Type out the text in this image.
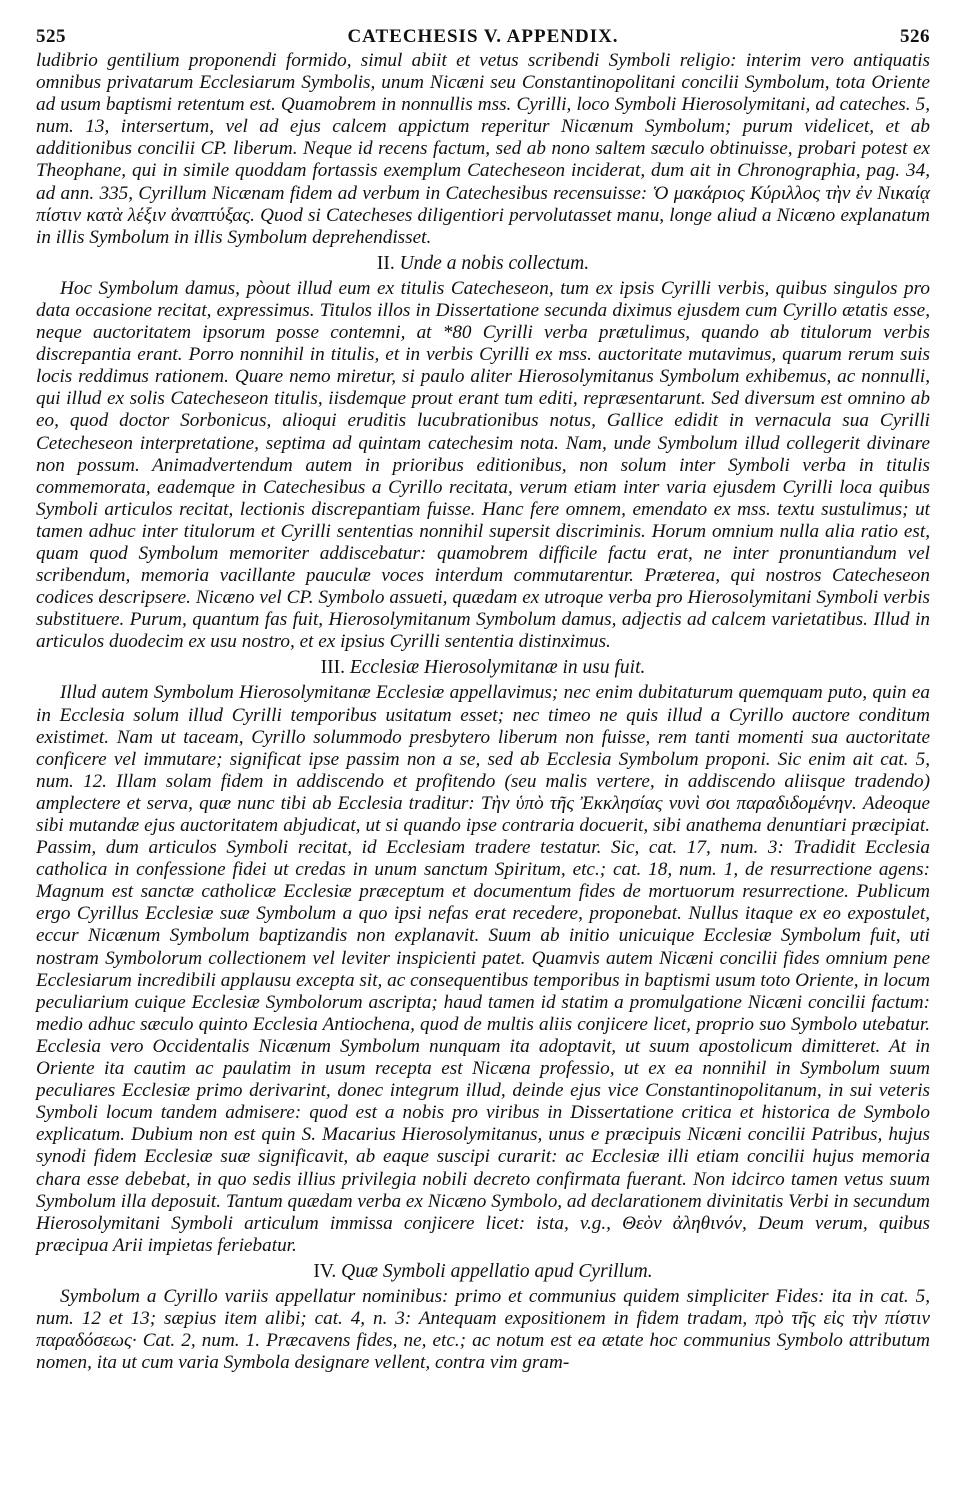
525	CATECHESIS V. APPENDIX.	526

ludibrio gentilium proponendi formido, simul abiit et vetus scribendi Symboli religio: interim vero antiquatis omnibus privatarum Ecclesiarum Symbolis, unum Nicæni seu Constantinopolitani concilii Symbolum, tota Oriente ad usum baptismi retentum est. Quamobrem in nonnullis mss. Cyrilli, loco Symboli Hierosolymitani, ad cateches. 5, num. 13, intersertum, vel ad ejus calcem appictum reperitur Nicænum Symbolum; purum videlicet, et ab additionibus concilii CP. liberum. Neque id recens factum, sed ab nono saltem sæculo obtinuisse, probari potest ex Theophane, qui in simile quoddam fortassis exemplum Catecheseon inciderat, dum ait in Chronographia, pag. 34, ad ann. 335, Cyrillum Nicænam fidem ad verbum in Catechesibus recensuisse: Ὁ μακάριος Κύριλλος τὴν ἐν Νικαίᾳ πίστιν κατὰ λέξιν ἀναπτύξας. Quod si Catecheses diligentiori pervolutasset manu, longe aliud a Nicæno explanatum in illis Symbolum in illis Symbolum deprehendisset.

II. Unde a nobis collectum.

Hoc Symbolum damus, pòout illud eum ex titulis Catecheseon, tum ex ipsis Cyrilli verbis, quibus singulos pro data occasione recitat, expressimus. Titulos illos in Dissertatione secunda diximus ejusdem cum Cyrillo ætatis esse, neque auctoritatem ipsorum posse contemni, at *80 Cyrilli verba prætulimus, quando ab titulorum verbis discrepantia erant. Porro nonnihil in titulis, et in verbis Cyrilli ex mss. auctoritate mutavimus, quarum rerum suis locis reddimus rationem. Quare nemo miretur, si paulo aliter Hierosolymitanus Symbolum exhibemus, ac nonnulli, qui illud ex solis Catecheseon titulis, iisdemque prout erant tum editi, repræsentarunt. Sed diversum est omnino ab eo, quod doctor Sorbonicus, alioqui eruditis lucubrationibus notus, Gallice edidit in vernacula sua Cyrilli Cetecheseon interpretatione, septima ad quintam catechesim nota. Nam, unde Symbolum illud collegerit divinare non possum. Animadvertendum autem in prioribus editionibus, non solum inter Symboli verba in titulis commemorata, eademque in Catechesibus a Cyrillo recitata, verum etiam inter varia ejusdem Cyrilli loca quibus Symboli articulos recitat, lectionis discrepantiam fuisse. Hanc fere omnem, emendato ex mss. textu sustulimus; ut tamen adhuc inter titulorum et Cyrilli sententias nonnihil supersit discriminis. Horum omnium nulla alia ratio est, quam quod Symbolum memoriter addiscebatur: quamobrem difficile factu erat, ne inter pronuntiandum vel scribendum, memoria vacillante pauculæ voces interdum commutarentur. Præterea, qui nostros Catecheseon codices descripsere. Nicæno vel CP. Symbolo assueti, quædam ex utroque verba pro Hierosolymitani Symboli verbis substituere. Purum, quantum fas fuit, Hierosolymitanum Symbolum damus, adjectis ad calcem varietatibus. Illud in articulos duodecim ex usu nostro, et ex ipsius Cyrilli sententia distinximus.

III. Ecclesiæ Hierosolymitanæ in usu fuit.

Illud autem Symbolum Hierosolymitanæ Ecclesiæ appellavimus; nec enim dubitaturum quemquam puto, quin ea in Ecclesia solum illud Cyrilli temporibus usitatum esset; nec timeo ne quis illud a Cyrillo auctore conditum existimet. Nam ut taceam, Cyrillo solummodo presbytero liberum non fuisse, rem tanti momenti sua auctoritate conficere vel immutare; significat ipse passim non a se, sed ab Ecclesia Symbolum proponi. Sic enim ait cat. 5, num. 12. Illam solam fidem in addiscendo et profitendo (seu malis vertere, in addiscendo aliisque tradendo) amplectere et serva, quæ nunc tibi ab Ecclesia traditur: Τὴν ὑπὸ τῆς Ἐκκλησίας νυνὶ σοι παραδιδομένην. Adeoque sibi mutandæ ejus auctoritatem abjudicat, ut si quando ipse contraria docuerit, sibi anathema denuntiari præcipiat. Passim, dum articulos Symboli recitat, id Ecclesiam tradere testatur. Sic, cat. 17, num. 3: Tradidit Ecclesia catholica in confessione fidei ut credas in unum sanctum Spiritum, etc.; cat. 18, num. 1, de resurrectione agens: Magnum est sanctæ catholicæ Ecclesiæ præceptum et documentum fides de mortuorum resurrectione. Publicum ergo Cyrillus Ecclesiæ suæ Symbolum a quo ipsi nefas erat recedere, proponebat. Nullus itaque ex eo expostulet, eccur Nicænum Symbolum baptizandis non explanavit. Suum ab initio unicuique Ecclesiæ Symbolum fuit, uti nostram Symbolorum collectionem vel leviter inspicienti patet. Quamvis autem Nicæni concilii fides omnium pene Ecclesiarum incredibili applausu excepta sit, ac consequentibus temporibus in baptismi usum toto Oriente, in locum peculiarium cuique Ecclesiæ Symbolorum ascripta; haud tamen id statim a promulgatione Nicæni concilii factum: medio adhuc sæculo quinto Ecclesia Antiochena, quod de multis aliis conjicere licet, proprio suo Symbolo utebatur. Ecclesia vero Occidentalis Nicænum Symbolum nunquam ita adoptavit, ut suum apostolicum dimitteret. At in Oriente ita cautim ac paulatim in usum recepta est Nicæna professio, ut ex ea nonnihil in Symbolum suum peculiares Ecclesiæ primo derivarint, donec integrum illud, deinde ejus vice Constantinopolitanum, in sui veteris Symboli locum tandem admisere: quod est a nobis pro viribus in Dissertatione critica et historica de Symbolo explicatum. Dubium non est quin S. Macarius Hierosolymitanus, unus e præcipuis Nicæni concilii Patribus, hujus synodi fidem Ecclesiæ suæ significavit, ab eaque suscipi curarit: ac Ecclesiæ illi etiam concilii hujus memoria chara esse debebat, in quo sedis illius privilegia nobili decreto confirmata fuerant. Non idcirco tamen vetus suum Symbolum illa deposuit. Tantum quædam verba ex Nicæno Symbolo, ad declarationem divinitatis Verbi in secundum Hierosolymitani Symboli articulum immissa conjicere licet: ista, v.g., Θεὸν ἀληθινόν, Deum verum, quibus præcipua Arii impietas feriebatur.

IV. Quæ Symboli appellatio apud Cyrillum.

Symbolum a Cyrillo variis appellatur nominibus: primo et communius quidem simpliciter Fides: ita in cat. 5, num. 12 et 13; sæpius item alibi; cat. 4, n. 3: Antequam expositionem in fidem tradam, πρὸ τῆς εἰς τὴν πίστιν παραδόσεως· Cat. 2, num. 1. Præcavens fides, ne, etc.; ac notum est ea ætate hoc communius Symbolo attributum nomen, ita ut cum varia Symbola designare vellent, contra vim gram-
